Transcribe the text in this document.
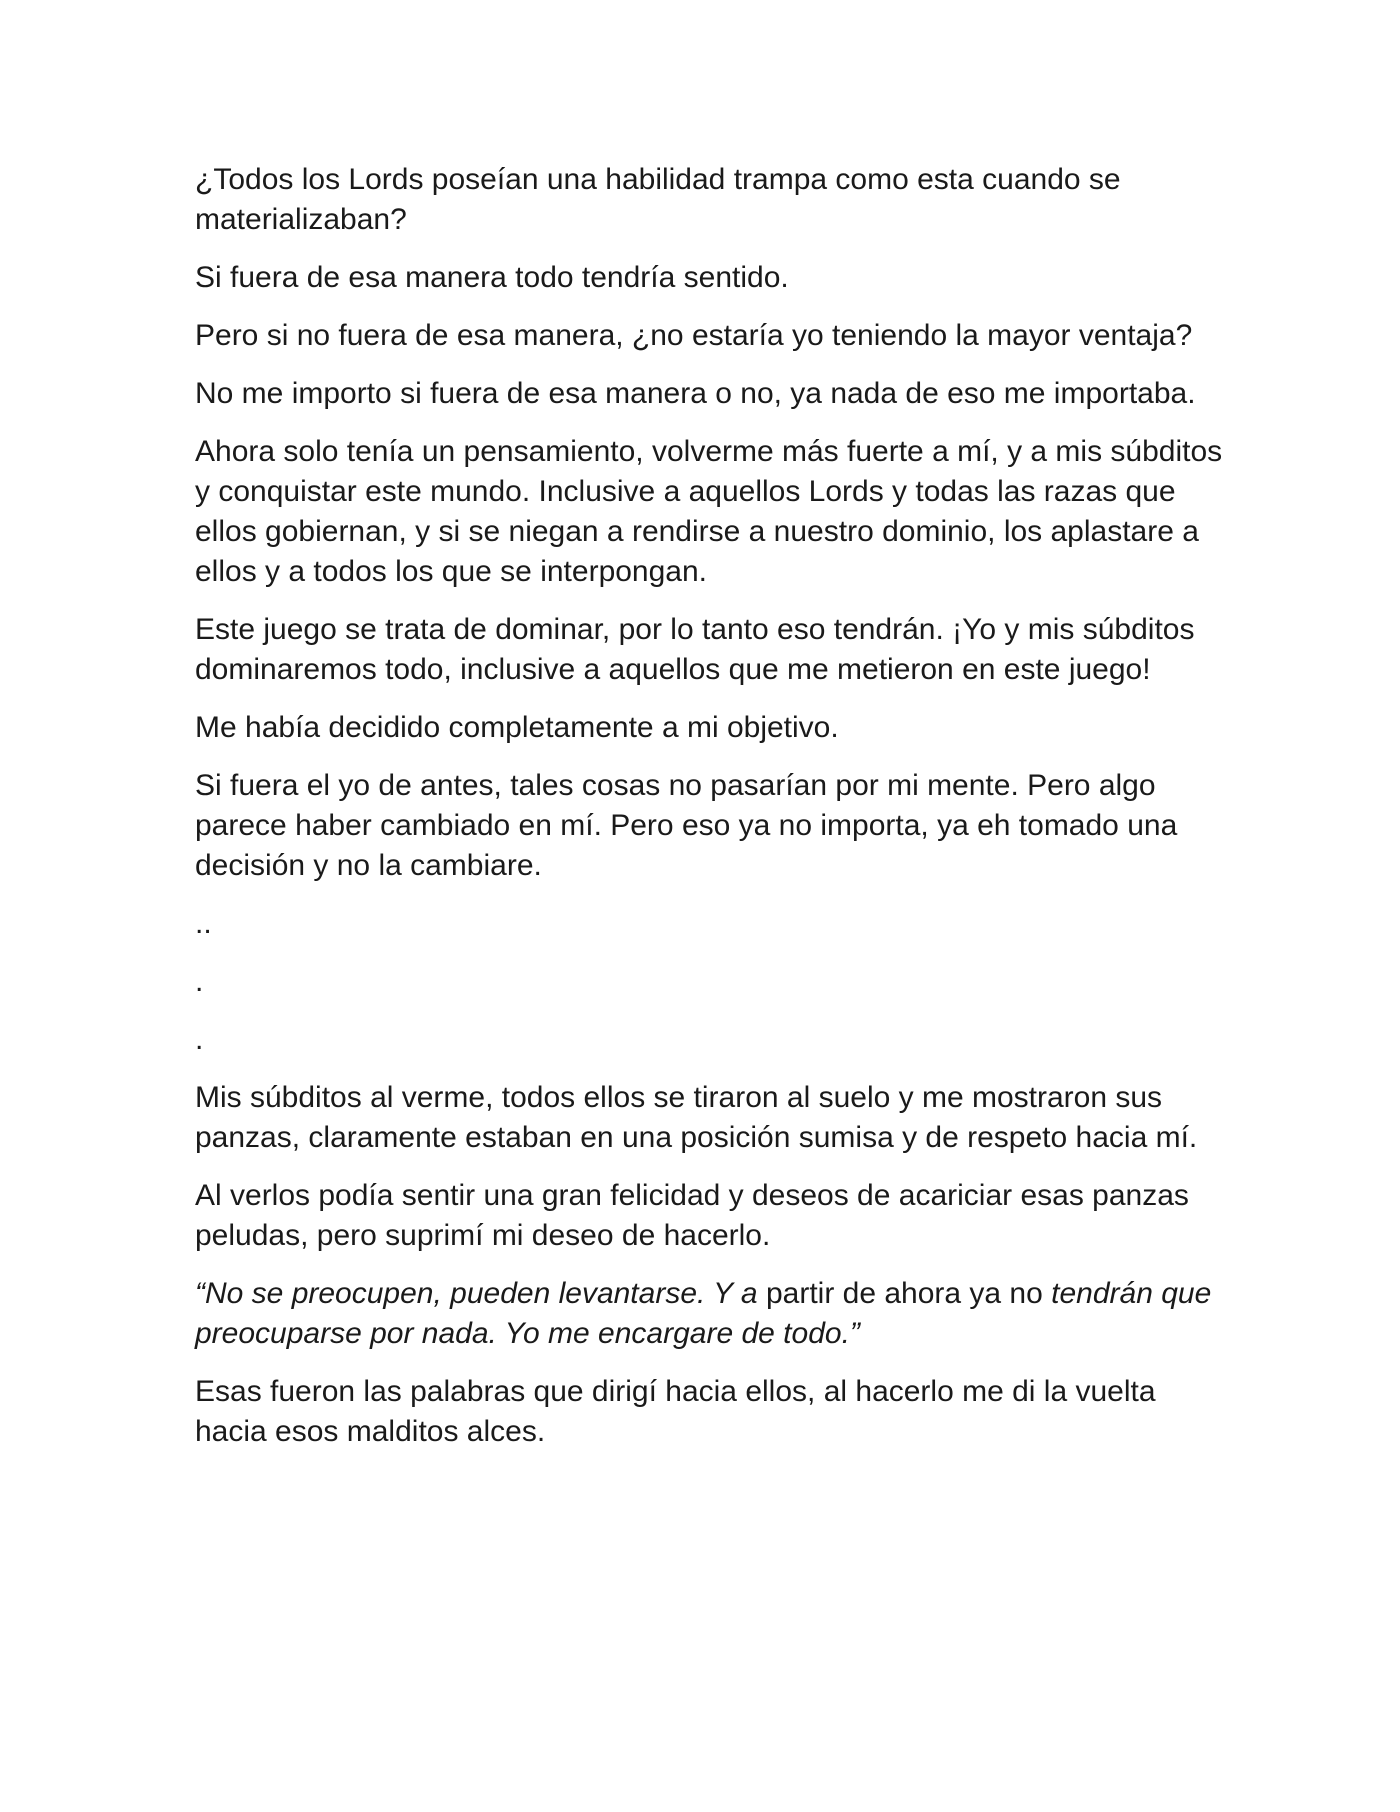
¿Todos los Lords poseían una habilidad trampa como esta cuando se materializaban?

Si fuera de esa manera todo tendría sentido.

Pero si no fuera de esa manera, ¿no estaría yo teniendo la mayor ventaja?

No me importo si fuera de esa manera o no, ya nada de eso me importaba.

Ahora solo tenía un pensamiento, volverme más fuerte a mí, y a mis súbditos y conquistar este mundo. Inclusive a aquellos Lords y todas las razas que ellos gobiernan, y si se niegan a rendirse a nuestro dominio, los aplastare a ellos y a todos los que se interpongan.

Este juego se trata de dominar, por lo tanto eso tendrán. ¡Yo y mis súbditos dominaremos todo, inclusive a aquellos que me metieron en este juego!

Me había decidido completamente a mi objetivo.

Si fuera el yo de antes, tales cosas no pasarían por mi mente. Pero algo parece haber cambiado en mí. Pero eso ya no importa, ya eh tomado una decisión y no la cambiare.

..

.

.

Mis súbditos al verme, todos ellos se tiraron al suelo y me mostraron sus panzas, claramente estaban en una posición sumisa y de respeto hacia mí.

Al verlos podía sentir una gran felicidad y deseos de acariciar esas panzas peludas, pero suprimí mi deseo de hacerlo.

“No se preocupen, pueden levantarse. Y a partir de ahora ya no tendrán que preocuparse por nada. Yo me encargare de todo.”

Esas fueron las palabras que dirigí hacia ellos, al hacerlo me di la vuelta hacia esos malditos alces.
